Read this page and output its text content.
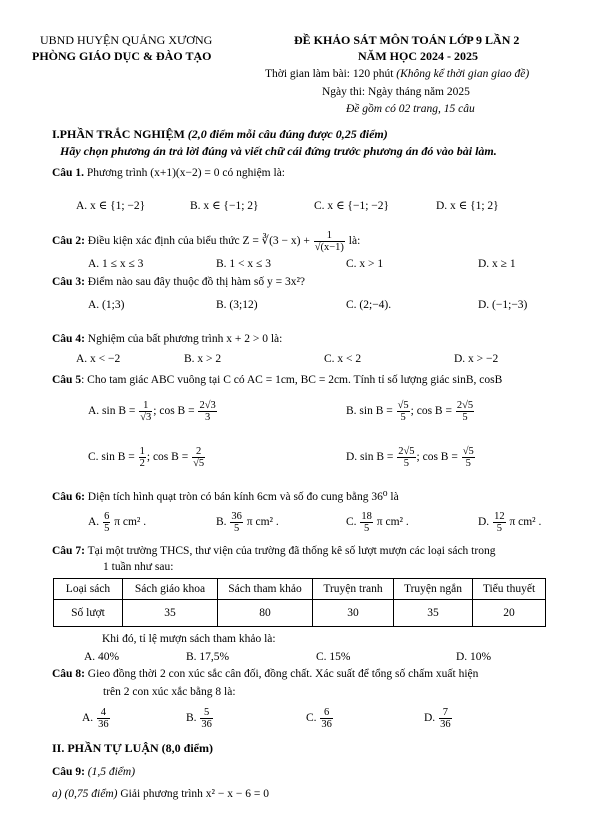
UBND HUYỆN QUẢNG XƯƠNG
PHÒNG GIÁO DỤC & ĐÀO TẠO
ĐỀ KHẢO SÁT MÔN TOÁN LỚP 9 LẦN 2
NĂM HỌC 2024 - 2025
Thời gian làm bài: 120 phút (Không kể thời gian giao đề)
Ngày thi: Ngày tháng năm 2025
Đề gồm có 02 trang, 15 câu
I.PHẦN TRẮC NGHIỆM (2,0 điểm mỗi câu đúng được 0,25 điểm)
Hãy chọn phương án trả lời đúng và viết chữ cái đứng trước phương án đó vào bài làm.
Câu 1. Phương trình (x+1)(x−2) = 0 có nghiệm là:
A. x ∈ {1; −2}	B. x ∈ {−1; 2}	C. x ∈ {−1; −2}	D. x ∈ {1; 2}
Câu 2: Điều kiện xác định của biểu thức Z = ∛(3 − $x) + \frac{1}{√(x-1)}$ là:
A. 1 ≤ x ≤ 3	B. 1 < x ≤ 3	C. x > 1	D. x ≥ 1
Câu 3: Điểm nào sau đây thuộc đồ thị hàm số y = 3x²?
A. (1;3)	B. (3;12)	C. (2;−4).	D. (−1;−3)
Câu 4: Nghiệm của bất phương trình x + 2 > 0 là:
A. x < −2	B. x > 2	C. x < 2	D. x > −2
Câu 5: Cho tam giác ABC vuông tại C có AC = 1cm, BC = 2cm. Tính tỉ số lượng giác sinB, cosB
A. $\sin B = \frac{1}{√3}$ ; $\cos B = \frac{2√3}{3}$	B. $\sin B = \frac{√5}{5}$ ; $\cos B = \frac{2√5}{5}$
C. $\sin B = \frac{1}{2}$ ; $\cos B = \frac{2}{√5}$	D. $\sin B = \frac{2√5}{5}$ ; $\cos B = \frac{√5}{5}$
Câu 6: Diện tích hình quạt tròn có bán kính 6cm và số đo cung bằng 36⁰ là
A. $\frac{6}{5}$ π cm² .	B. $\frac{36}{5}$ π cm² .	C. $\frac{18}{5}$ π cm² .	D. $\frac{12}{5}$ π cm² .
Câu 7: Tại một trường THCS, thư viện của trường đã thống kê số lượt mượn các loại sách trong
1 tuần như sau:
Loại sách	Sách giáo khoa	Sách tham khảo	Truyện tranh	Truyện ngắn	Tiểu thuyết
Số lượt	35	80	30	35	20
Khi đó, tỉ lệ mượn sách tham khảo là:
A. 40%	B. 17,5%	C. 15%	D. 10%
Câu 8: Gieo đồng thời 2 con xúc sắc cân đối, đồng chất. Xác suất để tổng số chấm xuất hiện
trên 2 con xúc xắc bằng 8 là:
A. $\frac{4}{36}$	B. $\frac{5}{36}$	C. $\frac{6}{36}$	D. $\frac{7}{36}$
II. PHẦN TỰ LUẬN (8,0 điểm)
Câu 9: (1,5 điểm)
a) (0,75 điểm) Giải phương trình x² − x − 6 = 0
